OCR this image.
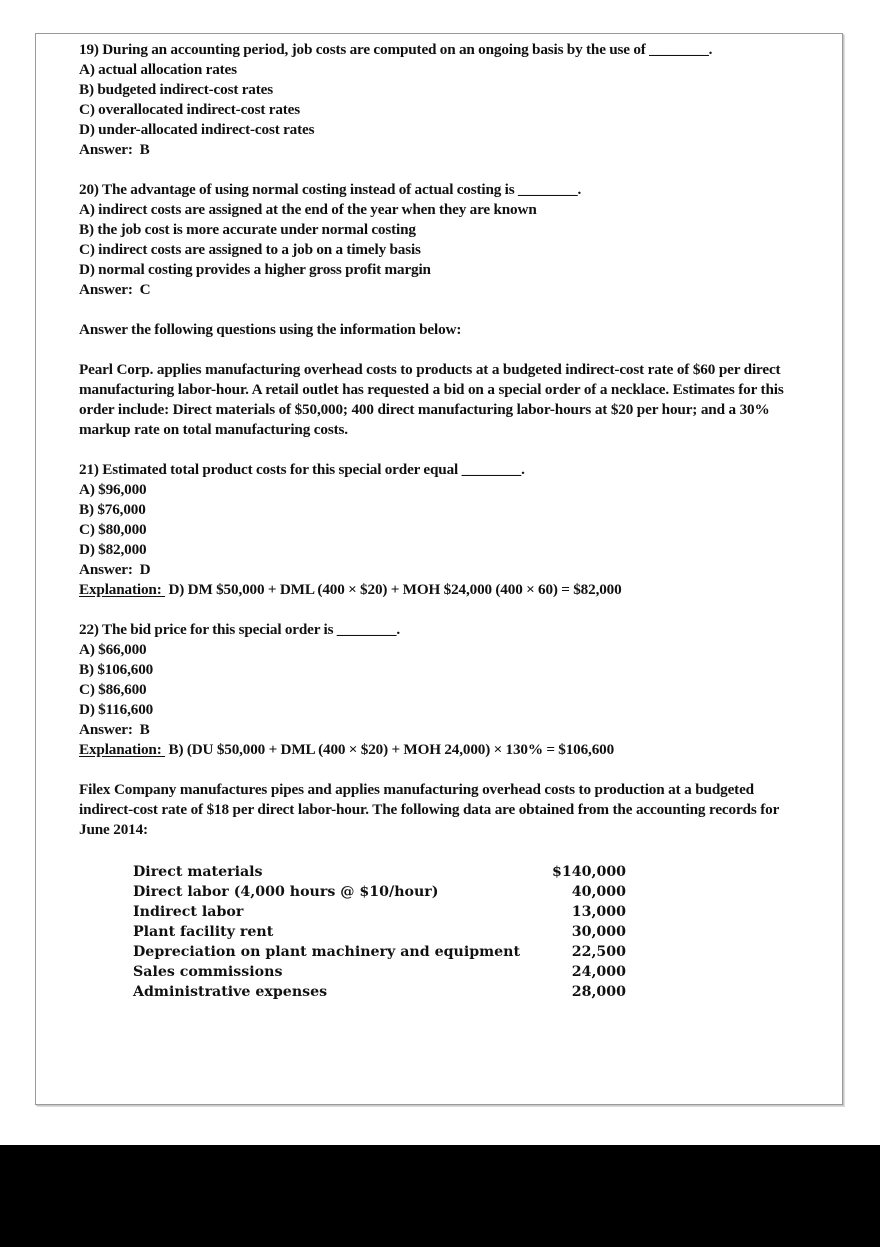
19) During an accounting period, job costs are computed on an ongoing basis by the use of ________.
A) actual allocation rates
B) budgeted indirect-cost rates
C) overallocated indirect-cost rates
D) under-allocated indirect-cost rates
Answer:  B
20) The advantage of using normal costing instead of actual costing is ________.
A) indirect costs are assigned at the end of the year when they are known
B) the job cost is more accurate under normal costing
C) indirect costs are assigned to a job on a timely basis
D) normal costing provides a higher gross profit margin
Answer:  C
Answer the following questions using the information below:
Pearl Corp. applies manufacturing overhead costs to products at a budgeted indirect-cost rate of $60 per direct manufacturing labor-hour. A retail outlet has requested a bid on a special order of a necklace. Estimates for this order include: Direct materials of $50,000; 400 direct manufacturing labor-hours at $20 per hour; and a 30% markup rate on total manufacturing costs.
21) Estimated total product costs for this special order equal ________.
A) $96,000
B) $76,000
C) $80,000
D) $82,000
Answer:  D
Explanation:  D) DM $50,000 + DML (400 × $20) + MOH $24,000 (400 × 60) = $82,000
22) The bid price for this special order is ________.
A) $66,000
B) $106,600
C) $86,600
D) $116,600
Answer:  B
Explanation:  B) (DU $50,000 + DML (400 × $20) + MOH 24,000) × 130% = $106,600
Filex Company manufactures pipes and applies manufacturing overhead costs to production at a budgeted indirect-cost rate of $18 per direct labor-hour. The following data are obtained from the accounting records for June 2014:
Direct materials	$140,000
Direct labor (4,000 hours @ $10/hour)	40,000
Indirect labor	13,000
Plant facility rent	30,000
Depreciation on plant machinery and equipment	22,500
Sales commissions	24,000
Administrative expenses	28,000
